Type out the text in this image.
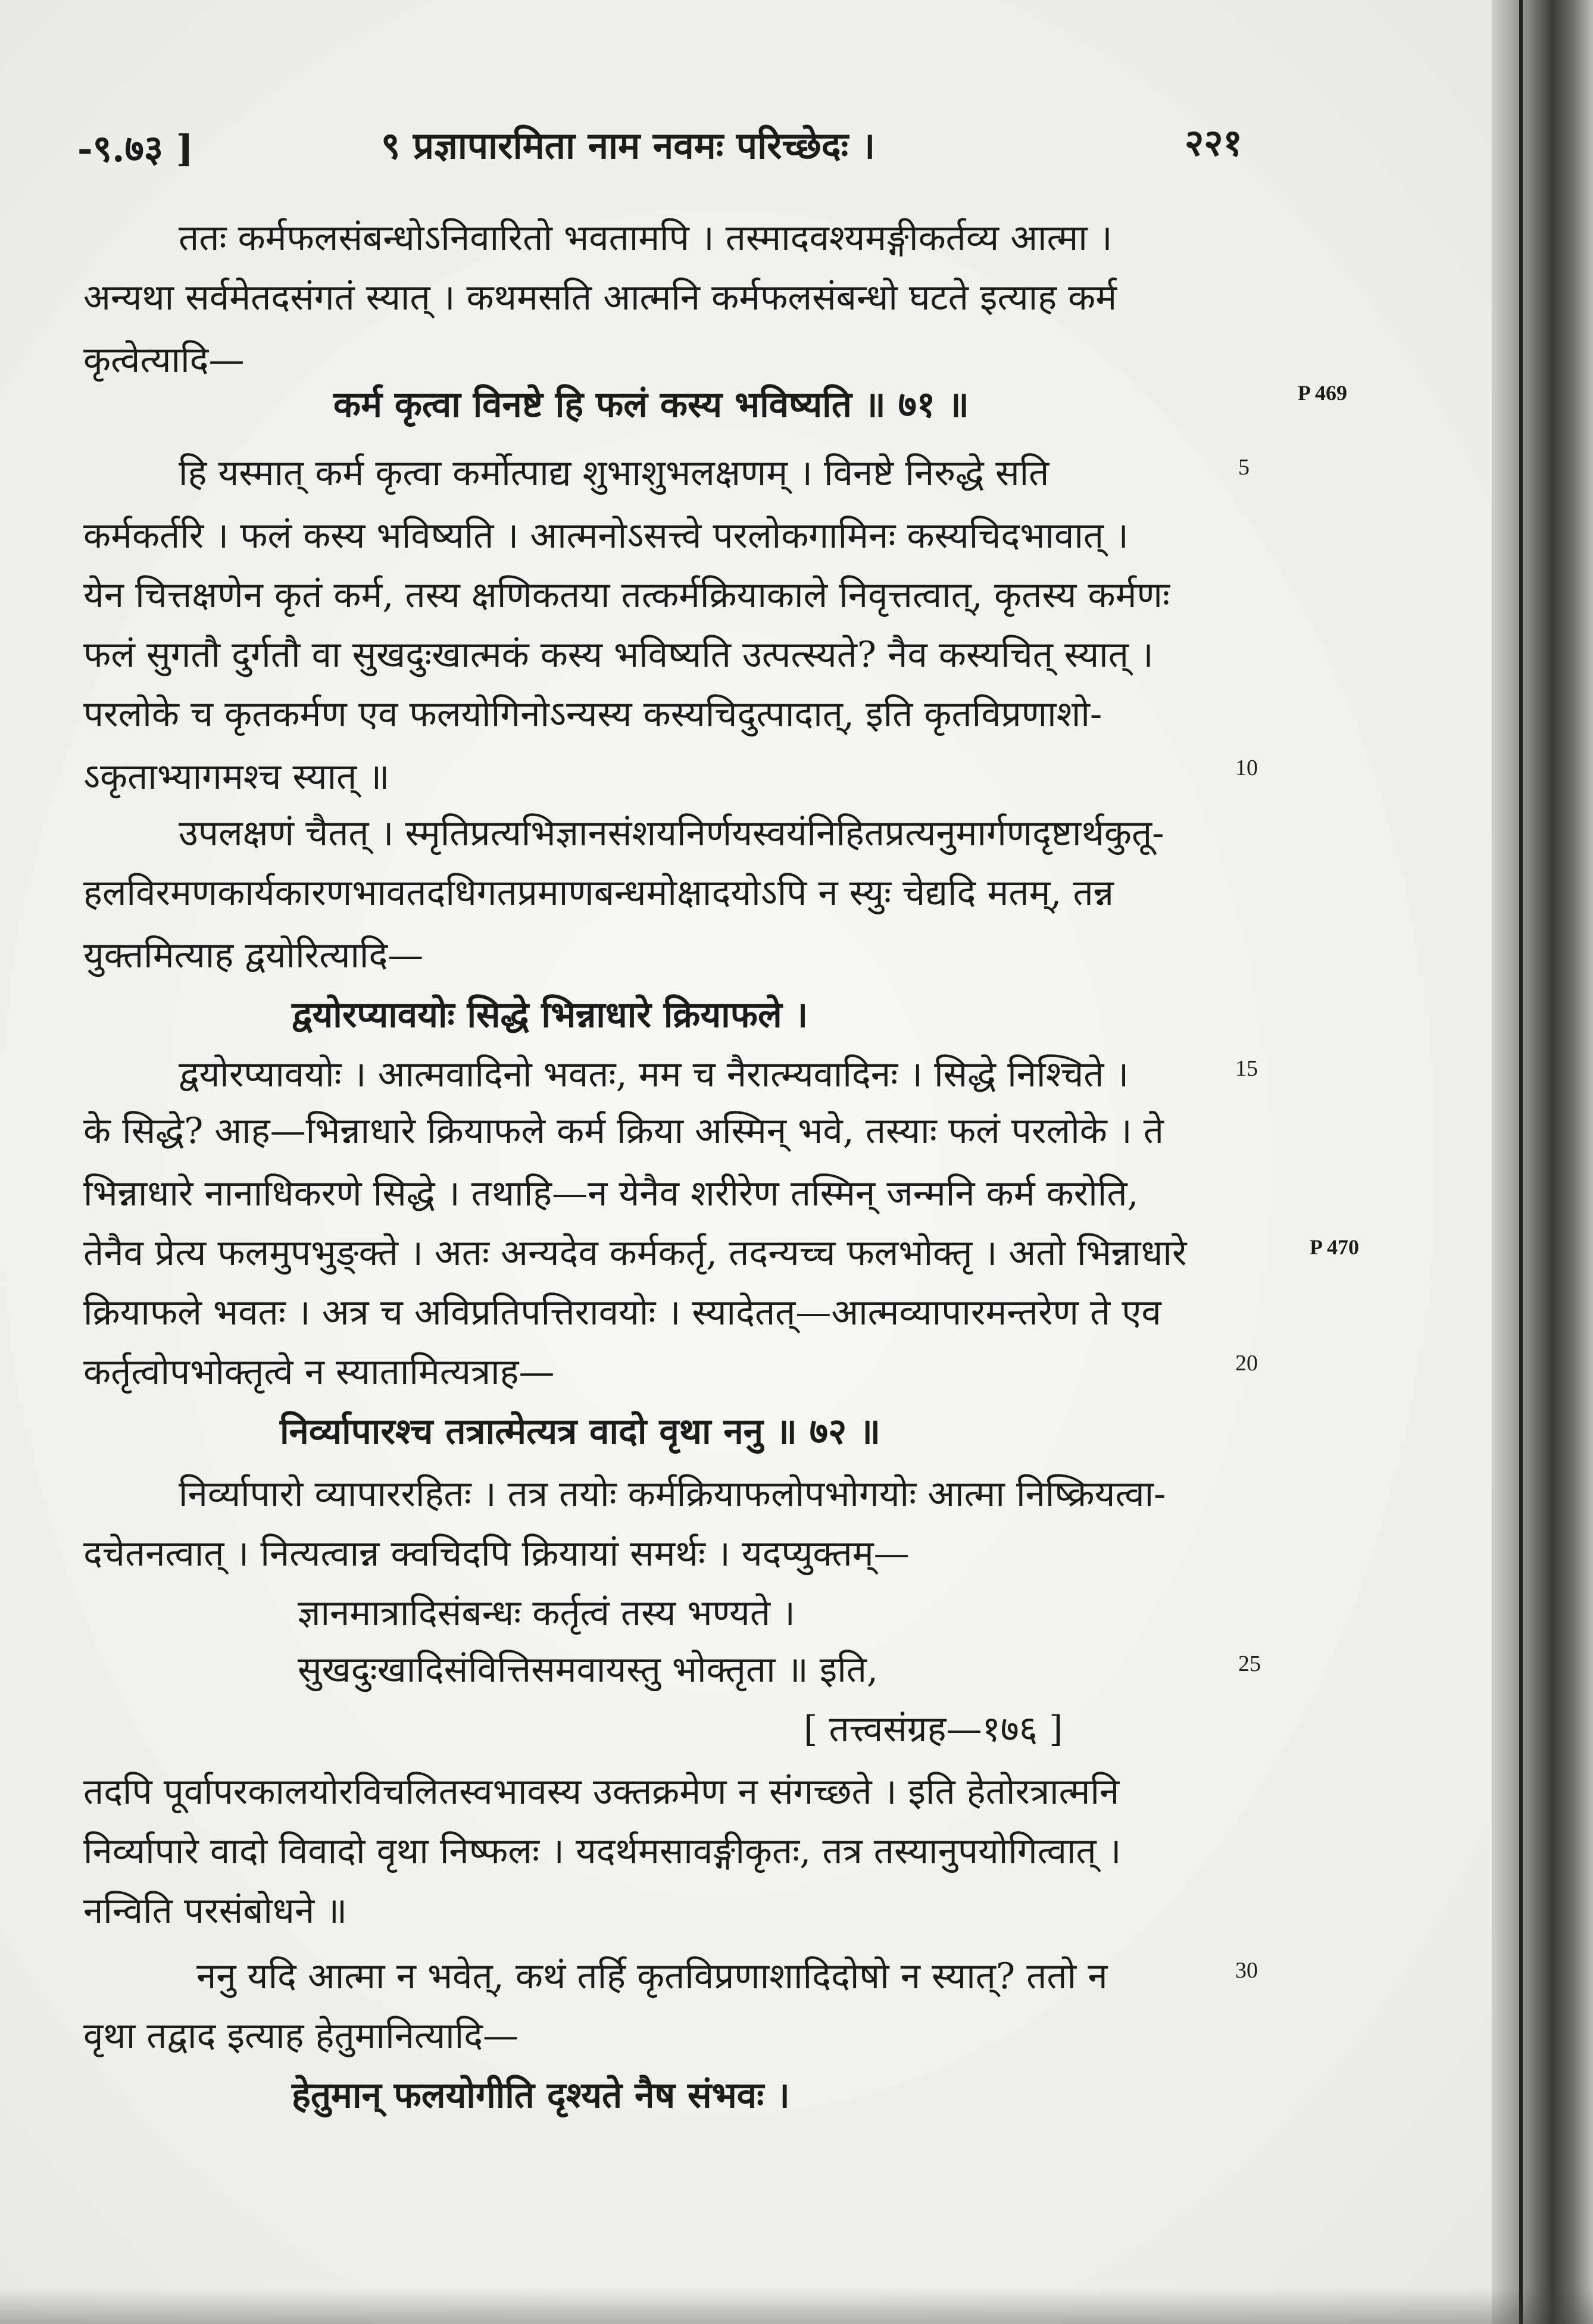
-९.७३ ]	९ प्रज्ञापारमिता नाम नवमः परिच्छेदः ।	२२१
ततः कर्मफलसंबन्धोऽनिवारितो भवतामपि । तस्मादवश्यमङ्गीकर्तव्य आत्मा ।
अन्यथा सर्वमेतदसंगतं स्यात् । कथमसति आत्मनि कर्मफलसंबन्धो घटते इत्याह कर्म
कृत्वेत्यादि—
कर्म कृत्वा विनष्टे हि फलं कस्य भविष्यति ॥ ७१ ॥
हि यस्मात् कर्म कृत्वा कर्मोत्पाद्य शुभाशुभलक्षणम् । विनष्टे निरुद्धे सति
कर्मकर्तरि । फलं कस्य भविष्यति । आत्मनोऽसत्त्वे परलोकगामिनः कस्यचिदभावात् ।
येन चित्तक्षणेन कृतं कर्म, तस्य क्षणिकतया तत्कर्मक्रियाकाले निवृत्तत्वात्, कृतस्य कर्मणः
फलं सुगतौ दुर्गतौ वा सुखदुःखात्मकं कस्य भविष्यति उत्पत्स्यते? नैव कस्यचित् स्यात् ।
परलोके च कृतकर्मण एव फलयोगिनोऽन्यस्य कस्यचिदुत्पादात्, इति कृतविप्रणाशो-
ऽकृताभ्यागमश्च स्यात् ॥
उपलक्षणं चैतत् । स्मृतिप्रत्यभिज्ञानसंशयनिर्णयस्वयंनिहितप्रत्यनुमार्गणदृष्टार्थकुतू-
हलविरमणकार्यकारणभावतदधिगतप्रमाणबन्धमोक्षादयोऽपि न स्युः चेद्यदि मतम्, तन्न
युक्तमित्याह द्वयोरित्यादि—
द्वयोरप्यावयोः सिद्धे भिन्नाधारे क्रियाफले ।
द्वयोरप्यावयोः । आत्मवादिनो भवतः, मम च नैरात्म्यवादिनः । सिद्धे निश्चिते ।
के सिद्धे? आह—भिन्नाधारे क्रियाफले कर्म क्रिया अस्मिन् भवे, तस्याः फलं परलोके । ते
भिन्नाधारे नानाधिकरणे सिद्धे । तथाहि—न येनैव शरीरेण तस्मिन् जन्मनि कर्म करोति,
तेनैव प्रेत्य फलमुपभुङ्क्ते । अतः अन्यदेव कर्मकर्तृ, तदन्यच्च फलभोक्तृ । अतो भिन्नाधारे
क्रियाफले भवतः । अत्र च अविप्रतिपत्तिरावयोः । स्यादेतत्—आत्मव्यापारमन्तरेण ते एव
कर्तृत्वोपभोक्तृत्वे न स्यातामित्यत्राह—
निर्व्यापारश्च तत्रात्मेत्यत्र वादो वृथा ननु ॥ ७२ ॥
निर्व्यापारो व्यापाररहितः । तत्र तयोः कर्मक्रियाफलोपभोगयोः आत्मा निष्क्रियत्वा-
दचेतनत्वात् । नित्यत्वान्न क्वचिदपि क्रियायां समर्थः । यदप्युक्तम्—
ज्ञानमात्रादिसंबन्धः कर्तृत्वं तस्य भण्यते ।
सुखदुःखादिसंवित्तिसमवायस्तु भोक्तृता ॥ इति,
[ तत्त्वसंग्रह—१७६ ]
तदपि पूर्वापरकालयोरविचलितस्वभावस्य उक्तक्रमेण न संगच्छते । इति हेतोरत्रात्मनि
निर्व्यापारे वादो विवादो वृथा निष्फलः । यदर्थमसावङ्गीकृतः, तत्र तस्यानुपयोगित्वात् ।
नन्विति परसंबोधने ॥
ननु यदि आत्मा न भवेत्, कथं तर्हि कृतविप्रणाशादिदोषो न स्यात्? ततो न
वृथा तद्वाद इत्याह हेतुमानित्यादि—
हेतुमान् फलयोगीति दृश्यते नैष संभवः ।
5
10
15
20
25
30
P 469
P 470
